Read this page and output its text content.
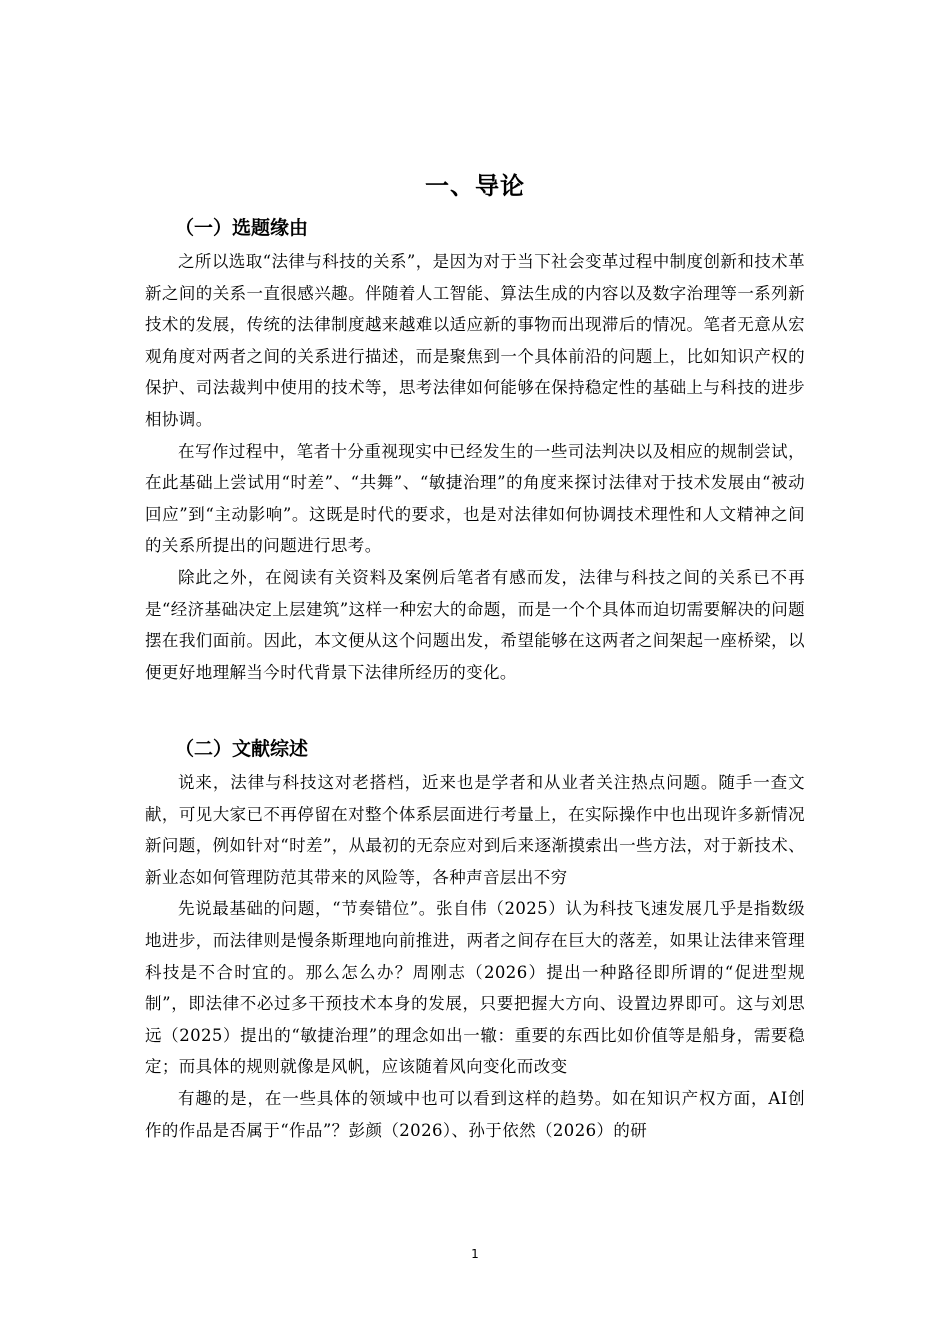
一、导论
（一）选题缘由

之所以选取“法律与科技的关系”，是因为对于当下社会变革过程中制度创新和技术革新之间的关系一直很感兴趣。伴随着人工智能、算法生成的内容以及数字治理等一系列新技术的发展，传统的法律制度越来越难以适应新的事物而出现滞后的情况。笔者无意从宏观角度对两者之间的关系进行描述，而是聚焦到一个具体前沿的问题上，比如知识产权的保护、司法裁判中使用的技术等，思考法律如何能够在保持稳定性的基础上与科技的进步相协调。

在写作过程中，笔者十分重视现实中已经发生的一些司法判决以及相应的规制尝试，在此基础上尝试用“时差”、“共舞”、“敏捷治理”的角度来探讨法律对于技术发展由“被动回应”到“主动影响”。这既是时代的要求，也是对法律如何协调技术理性和人文精神之间的关系所提出的问题进行思考。

除此之外，在阅读有关资料及案例后笔者有感而发，法律与科技之间的关系已不再是“经济基础决定上层建筑”这样一种宏大的命题，而是一个个具体而迫切需要解决的问题摆在我们面前。因此，本文便从这个问题出发，希望能够在这两者之间架起一座桥梁，以便更好地理解当今时代背景下法律所经历的变化。

（二）文献综述

说来，法律与科技这对老搭档，近来也是学者和从业者关注热点问题。随手一查文献，可见大家已不再停留在对整个体系层面进行考量上，在实际操作中也出现许多新情况新问题，例如针对“时差”，从最初的无奈应对到后来逐渐摸索出一些方法，对于新技术、新业态如何管理防范其带来的风险等，各种声音层出不穷

先说最基础的问题，“节奏错位”。张自伟（2025）认为科技飞速发展几乎是指数级地进步，而法律则是慢条斯理地向前推进，两者之间存在巨大的落差，如果让法律来管理科技是不合时宜的。那么怎么办？周刚志（2026）提出一种路径即所谓的“促进型规制”，即法律不必过多干预技术本身的发展，只要把握大方向、设置边界即可。这与刘思远（2025）提出的“敏捷治理”的理念如出一辙：重要的东西比如价值等是船身，需要稳定；而具体的规则就像是风帆，应该随着风向变化而改变

有趣的是，在一些具体的领域中也可以看到这样的趋势。如在知识产权方面，AI创作的作品是否属于“作品”？彭颜（2026）、孙于依然（2026）的研

1
